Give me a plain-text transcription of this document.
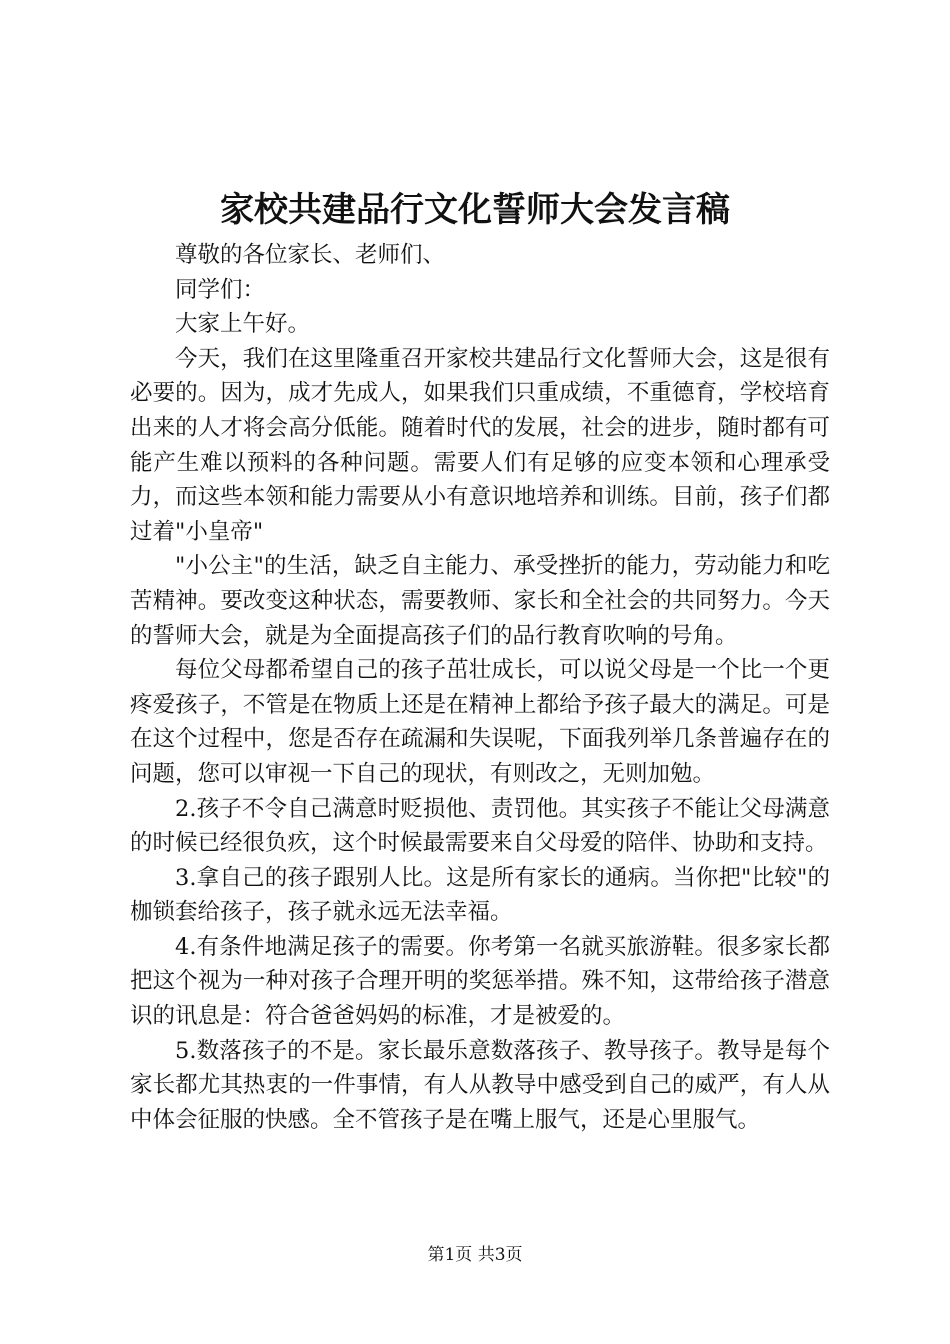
家校共建品行文化誓师大会发言稿

尊敬的各位家长、老师们、

同学们：

大家上午好。

今天，我们在这里隆重召开家校共建品行文化誓师大会，这是很有必要的。因为，成才先成人，如果我们只重成绩，不重德育，学校培育出来的人才将会高分低能。随着时代的发展，社会的进步，随时都有可能产生难以预料的各种问题。需要人们有足够的应变本领和心理承受力，而这些本领和能力需要从小有意识地培养和训练。目前，孩子们都过着"小皇帝"

"小公主"的生活，缺乏自主能力、承受挫折的能力，劳动能力和吃苦精神。要改变这种状态，需要教师、家长和全社会的共同努力。今天的誓师大会，就是为全面提高孩子们的品行教育吹响的号角。

每位父母都希望自己的孩子茁壮成长，可以说父母是一个比一个更疼爱孩子，不管是在物质上还是在精神上都给予孩子最大的满足。可是在这个过程中，您是否存在疏漏和失误呢，下面我列举几条普遍存在的问题，您可以审视一下自己的现状，有则改之，无则加勉。

2.孩子不令自己满意时贬损他、责罚他。其实孩子不能让父母满意的时候已经很负疚，这个时候最需要来自父母爱的陪伴、协助和支持。

3.拿自己的孩子跟别人比。这是所有家长的通病。当你把"比较"的枷锁套给孩子，孩子就永远无法幸福。

4.有条件地满足孩子的需要。你考第一名就买旅游鞋。很多家长都把这个视为一种对孩子合理开明的奖惩举措。殊不知，这带给孩子潜意识的讯息是：符合爸爸妈妈的标准，才是被爱的。

5.数落孩子的不是。家长最乐意数落孩子、教导孩子。教导是每个家长都尤其热衷的一件事情，有人从教导中感受到自己的威严，有人从中体会征服的快感。全不管孩子是在嘴上服气，还是心里服气。

第1页 共3页
